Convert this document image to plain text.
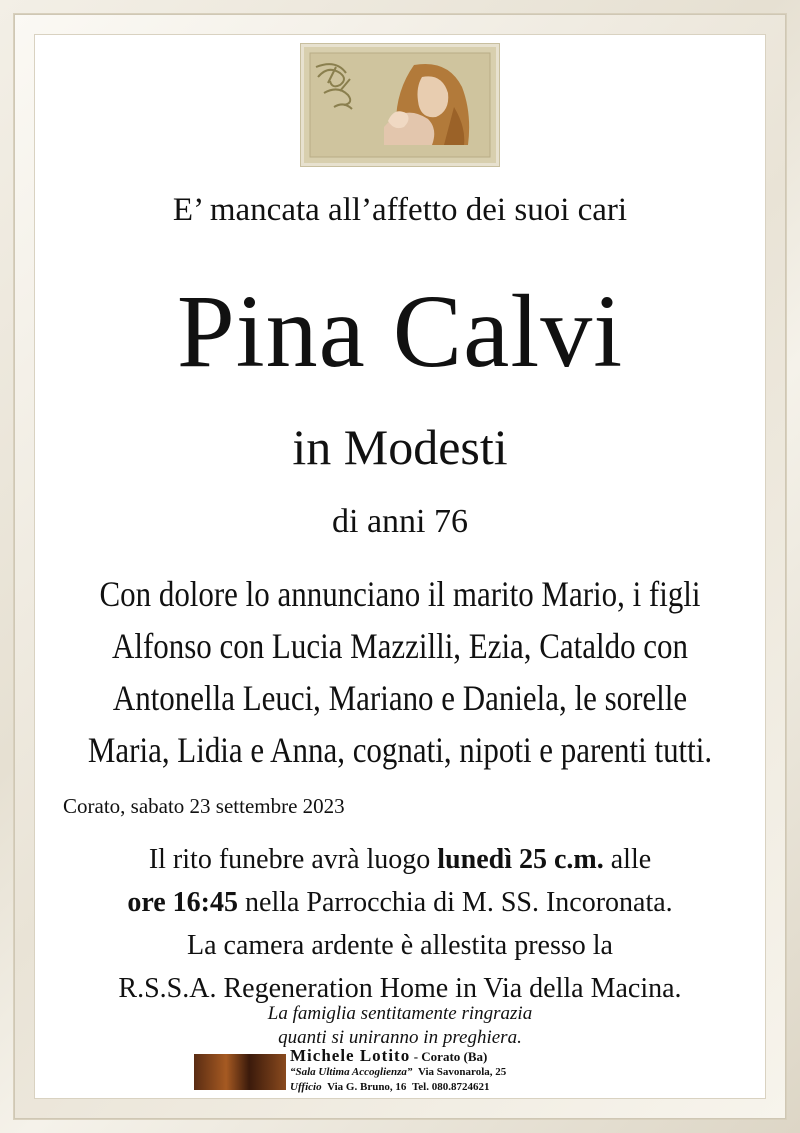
E’ mancata all’affetto dei suoi cari
Pina Calvi
in Modesti
di anni 76
Con dolore lo annunciano il marito Mario, i figli
Alfonso con Lucia Mazzilli, Ezia, Cataldo con
Antonella Leuci, Mariano e Daniela, le sorelle
Maria, Lidia e Anna, cognati, nipoti e parenti tutti.
Corato, sabato 23 settembre 2023
Il rito funebre avrà luogo lunedì 25 c.m. alle
ore 16:45 nella Parrocchia di M. SS. Incoronata.
La camera ardente è allestita presso la
R.S.S.A. Regeneration Home in Via della Macina.
La famiglia sentitamente ringrazia
quanti si uniranno in preghiera.
Michele Lotito - Corato (Ba)
“Sala Ultima Accoglienza” Via Savonarola, 25
Ufficio Via G. Bruno, 16 Tel. 080.8724621
